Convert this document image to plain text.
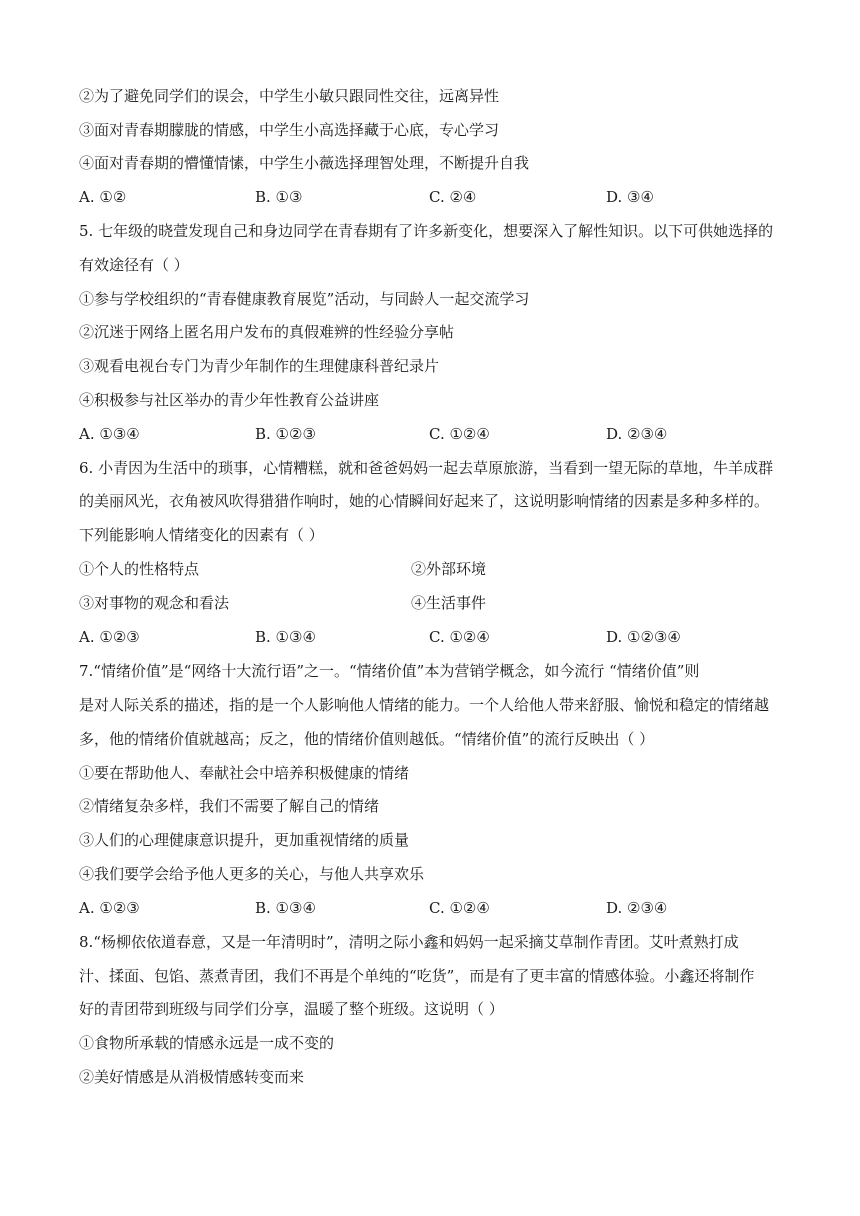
②为了避免同学们的误会，中学生小敏只跟同性交往，远离异性
③面对青春期朦胧的情感，中学生小高选择藏于心底，专心学习
④面对青春期的懵懂情愫，中学生小薇选择理智处理，不断提升自我
A. ①②	B. ①③	C. ②④	D. ③④
5. 七年级的晓萱发现自己和身边同学在青春期有了许多新变化，想要深入了解性知识。以下可供她选择的
有效途径有（ ）
①参与学校组织的“青春健康教育展览”活动，与同龄人一起交流学习
②沉迷于网络上匿名用户发布的真假难辨的性经验分享帖
③观看电视台专门为青少年制作的生理健康科普纪录片
④积极参与社区举办的青少年性教育公益讲座
A. ①③④	B. ①②③	C. ①②④	D. ②③④
6. 小青因为生活中的琐事，心情糟糕，就和爸爸妈妈一起去草原旅游，当看到一望无际的草地，牛羊成群
的美丽风光，衣角被风吹得猎猎作响时，她的心情瞬间好起来了，这说明影响情绪的因素是多种多样的。
下列能影响人情绪变化的因素有（ ）
①个人的性格特点	②外部环境
③对事物的观念和看法	④生活事件
A. ①②③	B. ①③④	C. ①②④	D. ①②③④
7.“情绪价值”是“网络十大流行语”之一。“情绪价值”本为营销学概念，如今流行 “情绪价值”则
是对人际关系的描述，指的是一个人影响他人情绪的能力。一个人给他人带来舒服、愉悦和稳定的情绪越
多，他的情绪价值就越高；反之，他的情绪价值则越低。“情绪价值”的流行反映出（ ）
①要在帮助他人、奉献社会中培养积极健康的情绪
②情绪复杂多样，我们不需要了解自己的情绪
③人们的心理健康意识提升，更加重视情绪的质量
④我们要学会给予他人更多的关心，与他人共享欢乐
A. ①②③	B. ①③④	C. ①②④	D. ②③④
8.“杨柳依依道春意，又是一年清明时”，清明之际小鑫和妈妈一起采摘艾草制作青团。艾叶煮熟打成
汁、揉面、包馅、蒸煮青团，我们不再是个单纯的“吃货”，而是有了更丰富的情感体验。小鑫还将制作
好的青团带到班级与同学们分享，温暖了整个班级。这说明（ ）
①食物所承载的情感永远是一成不变的
②美好情感是从消极情感转变而来
